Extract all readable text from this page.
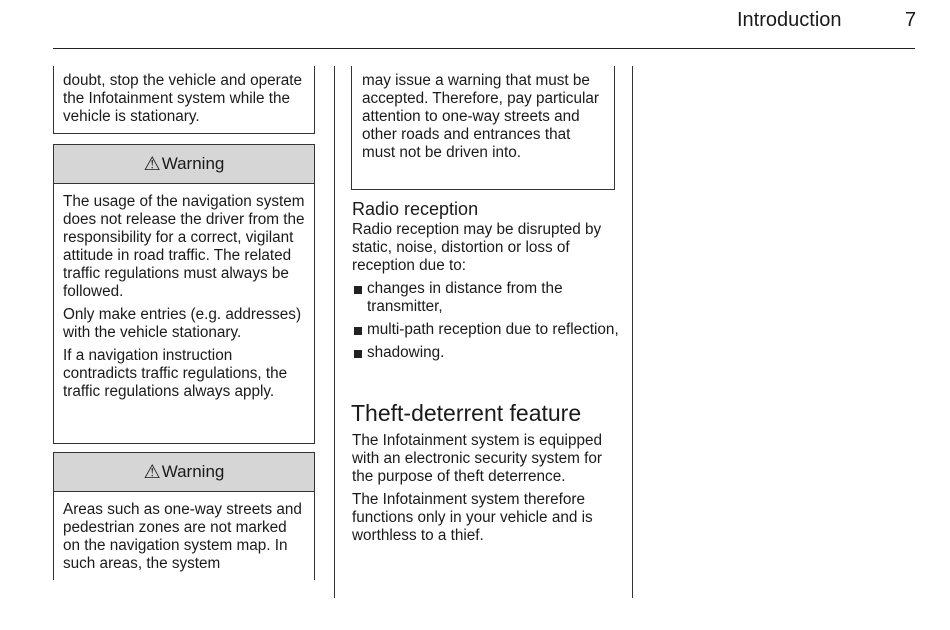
Introduction	7
doubt, stop the vehicle and operate the Infotainment system while the vehicle is stationary.
⚠ Warning

The usage of the navigation system does not release the driver from the responsibility for a correct, vigilant attitude in road traffic. The related traffic regulations must always be followed.

Only make entries (e.g. addresses) with the vehicle stationary.

If a navigation instruction contradicts traffic regulations, the traffic regulations always apply.

⚠ Warning

Areas such as one-way streets and pedestrian zones are not marked on the navigation system map. In such areas, the system

may issue a warning that must be accepted. Therefore, pay particular attention to one-way streets and other roads and entrances that must not be driven into.
Radio reception

Radio reception may be disrupted by static, noise, distortion or loss of reception due to:

changes in distance from the transmitter,
multi-path reception due to reflection,
shadowing.
Theft-deterrent feature

The Infotainment system is equipped with an electronic security system for the purpose of theft deterrence.

The Infotainment system therefore functions only in your vehicle and is worthless to a thief.
